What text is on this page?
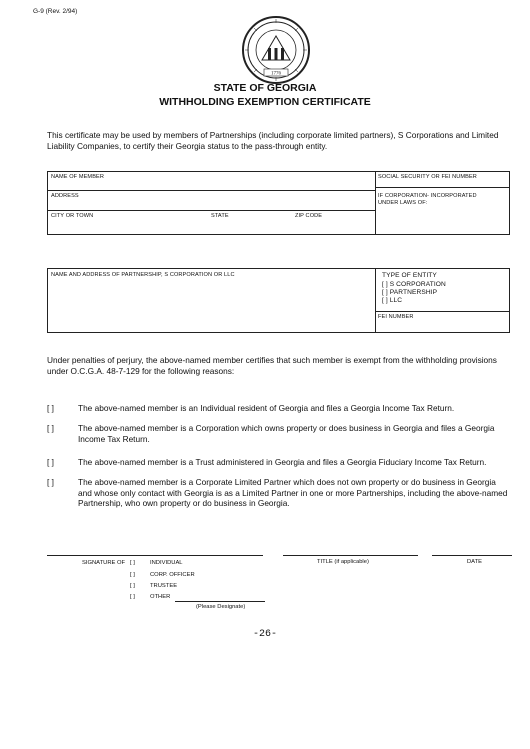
G-9 (Rev. 2/94)
1776
STATE OF GEORGIA
WITHHOLDING EXEMPTION CERTIFICATE
This certificate may be used by members of Partnerships (including corporate limited partners), S Corporations and Limited Liability Companies, to certify their Georgia status to the pass-through entity.
NAME OF MEMBER	SOCIAL SECURITY OR FEI NUMBER
ADDRESS	IF CORPORATION- INCORPORATED
UNDER LAWS OF:
CITY OR TOWN	STATE	ZIP CODE
NAME AND ADDRESS OF PARTNERSHIP, S CORPORATION OR LLC	TYPE OF ENTITY
[ ] S CORPORATION
[ ] PARTNERSHIP
[ ] LLC
FEI NUMBER
Under penalties of perjury, the above-named member certifies that such member is exempt from the withholding provisions under O.C.G.A. 48-7-129 for the following reasons:
[ ]	The above-named member is an Individual resident of Georgia and files a Georgia Income Tax Return.
[ ]	The above-named member is a Corporation which owns property or does business in Georgia and files a Georgia Income Tax Return.
[ ]	The above-named member is a Trust administered in Georgia and files a Georgia Fiduciary Income Tax Return.
[ ]	The above-named member is a Corporate Limited Partner which does not own property or do business in Georgia and whose only contact with Georgia is as a Limited Partner in one or more Partnerships, including the above-named Partnership, who own property or do business in Georgia.
SIGNATURE OF [ ]	INDIVIDUAL
[ ]	CORP. OFFICER
[ ]	TRUSTEE
[ ]	OTHER
(Please Designate)
TITLE (if applicable)	DATE
-26-
